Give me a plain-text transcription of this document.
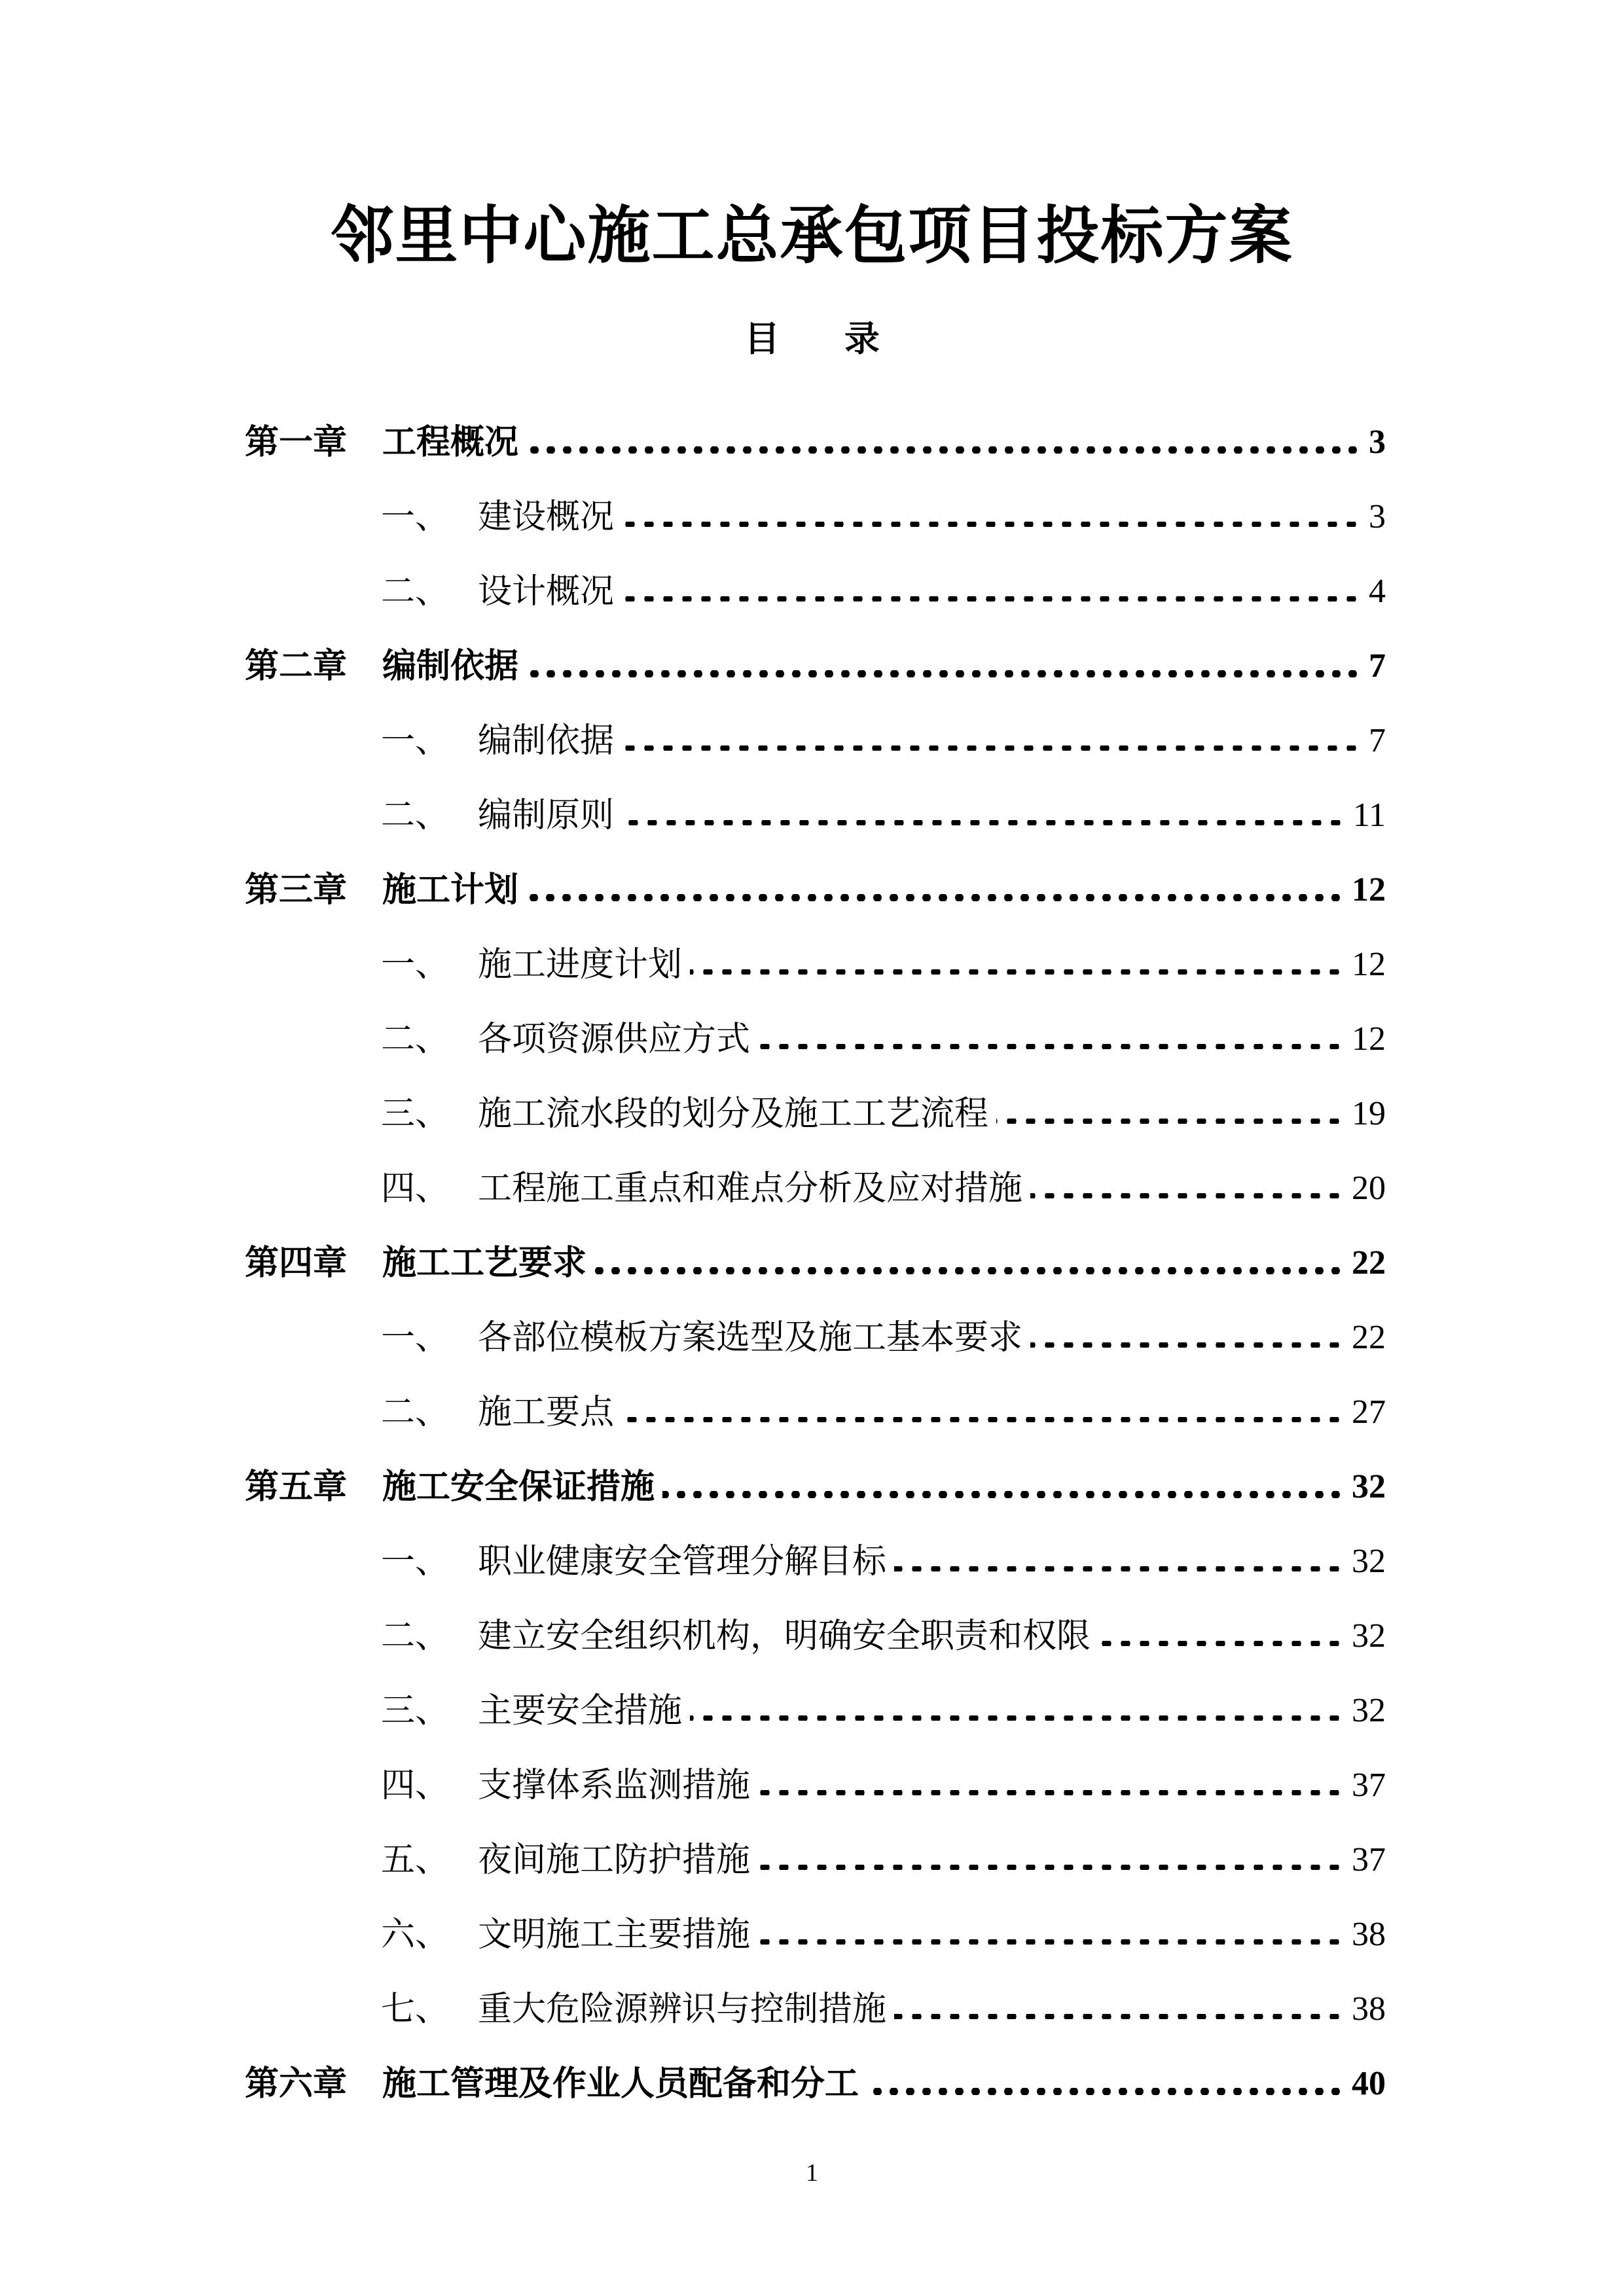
邻里中心施工总承包项目投标方案
目 录
第一章	工程概况	3
一、 建设概况	3
二、 设计概况	4
第二章	编制依据	7
一、 编制依据	7
二、 编制原则	11
第三章	施工计划	12
一、 施工进度计划	12
二、 各项资源供应方式	12
三、 施工流水段的划分及施工工艺流程	19
四、 工程施工重点和难点分析及应对措施	20
第四章	施工工艺要求	22
一、 各部位模板方案选型及施工基本要求	22
二、 施工要点	27
第五章	施工安全保证措施	32
一、 职业健康安全管理分解目标	32
二、 建立安全组织机构，明确安全职责和权限	32
三、 主要安全措施	32
四、 支撑体系监测措施	37
五、 夜间施工防护措施	37
六、 文明施工主要措施	38
七、 重大危险源辨识与控制措施	38
第六章	施工管理及作业人员配备和分工	40

1
